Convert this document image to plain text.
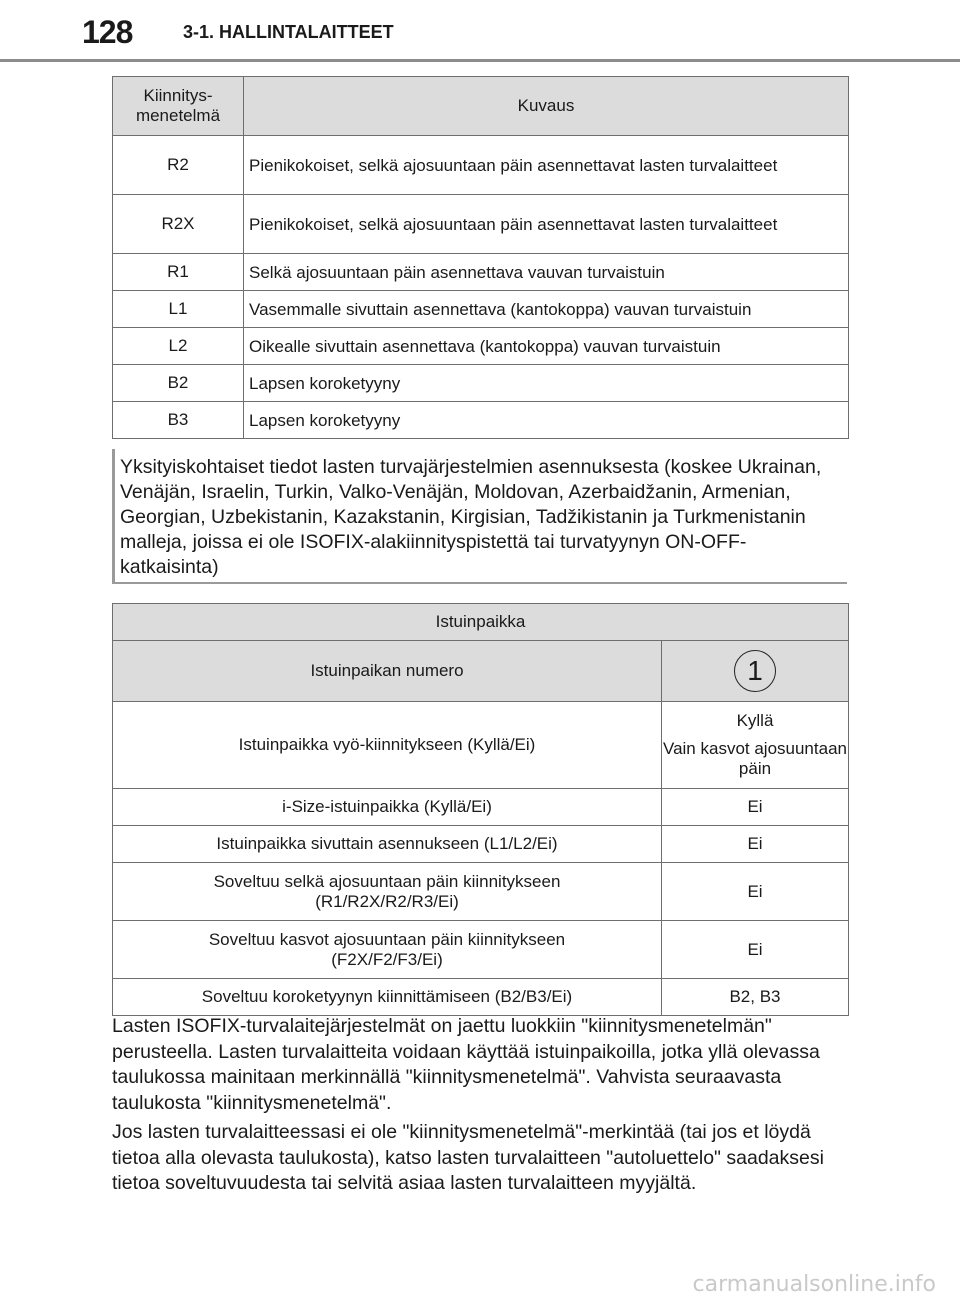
128	3-1. HALLINTALAITTEET
Kiinnitys-
menetelmä	Kuvaus
R2	Pienikokoiset, selkä ajosuuntaan päin asennettavat lasten turvalaitteet
R2X	Pienikokoiset, selkä ajosuuntaan päin asennettavat lasten turvalaitteet
R1	Selkä ajosuuntaan päin asennettava vauvan turvaistuin
L1	Vasemmalle sivuttain asennettava (kantokoppa) vauvan turvaistuin
L2	Oikealle sivuttain asennettava (kantokoppa) vauvan turvaistuin
B2	Lapsen koroketyyny
B3	Lapsen koroketyyny

Yksityiskohtaiset tiedot lasten turvajärjestelmien asennuksesta (koskee Ukrainan, Venäjän, Israelin, Turkin, Valko-Venäjän, Moldovan, Azerbaidžanin, Armenian, Georgian, Uzbekistanin, Kazakstanin, Kirgisian, Tadžikistanin ja Turkmenistanin malleja, joissa ei ole ISOFIX-alakiinnityspistettä tai turvatyynyn ON-OFF-katkaisinta)

Istuinpaikka	
Istuinpaikan numero	1
Istuinpaikka vyö-kiinnitykseen (Kyllä/Ei)	Kyllä
Vain kasvot ajosuuntaan päin

i-Size-istuinpaikka (Kyllä/Ei)	Ei
Istuinpaikka sivuttain asennukseen (L1/L2/Ei)	Ei
Soveltuu selkä ajosuuntaan päin kiinnitykseen
(R1/R2X/R2/R3/Ei)	Ei
Soveltuu kasvot ajosuuntaan päin kiinnitykseen
(F2X/F2/F3/Ei)	Ei
Soveltuu koroketyynyn kiinnittämiseen (B2/B3/Ei)	B2, B3

Lasten ISOFIX-turvalaitejärjestelmät on jaettu luokkiin "kiinnitysmenetelmän" perusteella. Lasten turvalaitteita voidaan käyttää istuinpaikoilla, jotka yllä olevassa taulukossa mainitaan merkinnällä "kiinnitysmenetelmä". Vahvista seuraavasta taulukosta "kiinnitysmenetelmä".

Jos lasten turvalaitteessasi ei ole "kiinnitysmenetelmä"-merkintää (tai jos et löydä tietoa alla olevasta taulukosta), katso lasten turvalaitteen "autoluettelo" saadaksesi tietoa soveltuvuudesta tai selvitä asiaa lasten turvalaitteen myyjältä.

carmanualsonline.info
